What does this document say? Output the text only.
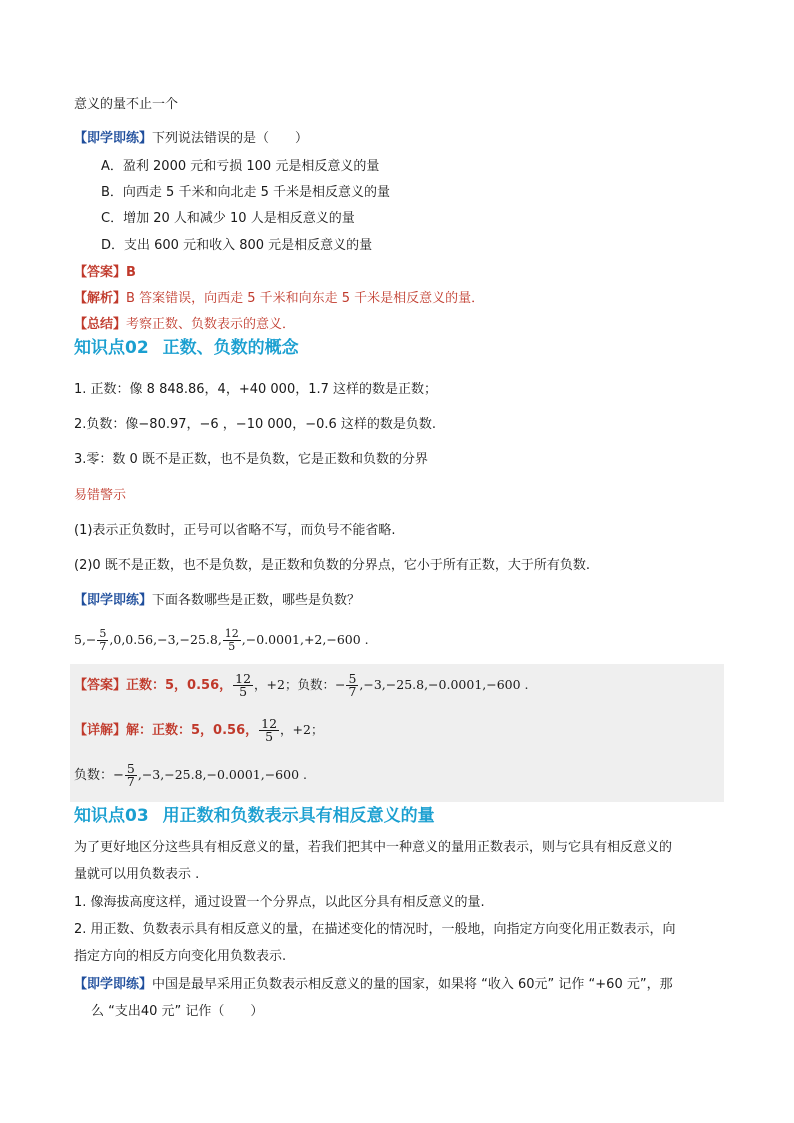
意义的量不止一个
【即学即练】下列说法错误的是（　　）
A．盈利 2000 元和亏损 100 元是相反意义的量
B．向西走 5 千米和向北走 5 千米是相反意义的量
C．增加 20 人和减少 10 人是相反意义的量
D．支出 600 元和收入 800 元是相反意义的量
【答案】B
【解析】B 答案错误，向西走 5 千米和向东走 5 千米是相反意义的量．
【总结】考察正数、负数表示的意义．
知识点02 正数、负数的概念
1. 正数：像 8 848.86，4，+40 000，1.7 这样的数是正数；
2.负数：像−80.97，−6 ，−10 000，−0.6 这样的数是负数.
3.零：数 0 既不是正数，也不是负数，它是正数和负数的分界
易错警示
(1)表示正负数时，正号可以省略不写，而负号不能省略.
(2)0 既不是正数，也不是负数，是正数和负数的分界点，它小于所有正数，大于所有负数.
【即学即练】下面各数哪些是正数，哪些是负数？
$5,- \frac{5}{7} ,0,0.56,-3,-25.8$, $\frac{12}{5} ,-0.0001,+2,-600$ .
【答案】正数：5，0.56， $\frac{12}{5}$ ，+2；负数：− $\frac{5}{7} ,-3,-25.8,-0.0001,-600$ .
【详解】解：正数：5，0.56， $\frac{12}{5}$ ，+2；
负数：− $\frac{5}{7} ,-3,-25.8,-0.0001,-600$ .
知识点03 用正数和负数表示具有相反意义的量
为了更好地区分这些具有相反意义的量，若我们把其中一种意义的量用正数表示，则与它具有相反意义的
量就可以用负数表示 .
1. 像海拔高度这样，通过设置一个分界点，以此区分具有相反意义的量.
2. 用正数、负数表示具有相反意义的量，在描述变化的情况时，一般地，向指定方向变化用正数表示，向
指定方向的相反方向变化用负数表示.
【即学即练】中国是最早采用正负数表示相反意义的量的国家，如果将 “收入 60元” 记作 “+60 元”，那
么 “支出40 元” 记作（　　）
